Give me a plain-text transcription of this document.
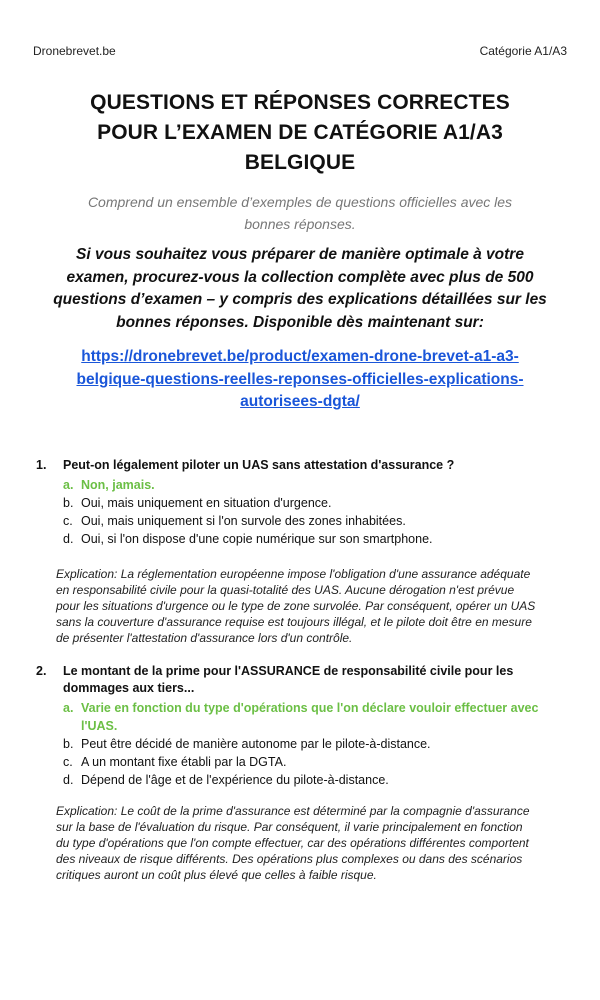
Dronebrevet.be	Catégorie A1/A3
QUESTIONS ET RÉPONSES CORRECTES
POUR L’EXAMEN DE CATÉGORIE A1/A3
BELGIQUE
Comprend un ensemble d’exemples de questions officielles avec les
bonnes réponses.
Si vous souhaitez vous préparer de manière optimale à votre
examen, procurez-vous la collection complète avec plus de 500
questions d’examen – y compris des explications détaillées sur les
bonnes réponses. Disponible dès maintenant sur:
https://dronebrevet.be/product/examen-drone-brevet-a1-a3-
belgique-questions-reelles-reponses-officielles-explications-
autorisees-dgta/
1.	Peut-on légalement piloter un UAS sans attestation d'assurance ?
a. Non, jamais.
b. Oui, mais uniquement en situation d'urgence.
c. Oui, mais uniquement si l'on survole des zones inhabitées.
d. Oui, si l'on dispose d'une copie numérique sur son smartphone.
Explication: La réglementation européenne impose l'obligation d'une assurance adéquate
en responsabilité civile pour la quasi-totalité des UAS. Aucune dérogation n'est prévue
pour les situations d'urgence ou le type de zone survolée. Par conséquent, opérer un UAS
sans la couverture d'assurance requise est toujours illégal, et le pilote doit être en mesure
de présenter l'attestation d'assurance lors d'un contrôle.
2.	Le montant de la prime pour l'ASSURANCE de responsabilité civile pour les
dommages aux tiers...
a. Varie en fonction du type d'opérations que l'on déclare vouloir effectuer avec
l'UAS.
b. Peut être décidé de manière autonome par le pilote-à-distance.
c. A un montant fixe établi par la DGTA.
d. Dépend de l'âge et de l'expérience du pilote-à-distance.
Explication: Le coût de la prime d'assurance est déterminé par la compagnie d'assurance
sur la base de l'évaluation du risque. Par conséquent, il varie principalement en fonction
du type d'opérations que l'on compte effectuer, car des opérations différentes comportent
des niveaux de risque différents. Des opérations plus complexes ou dans des scénarios
critiques auront un coût plus élevé que celles à faible risque.
